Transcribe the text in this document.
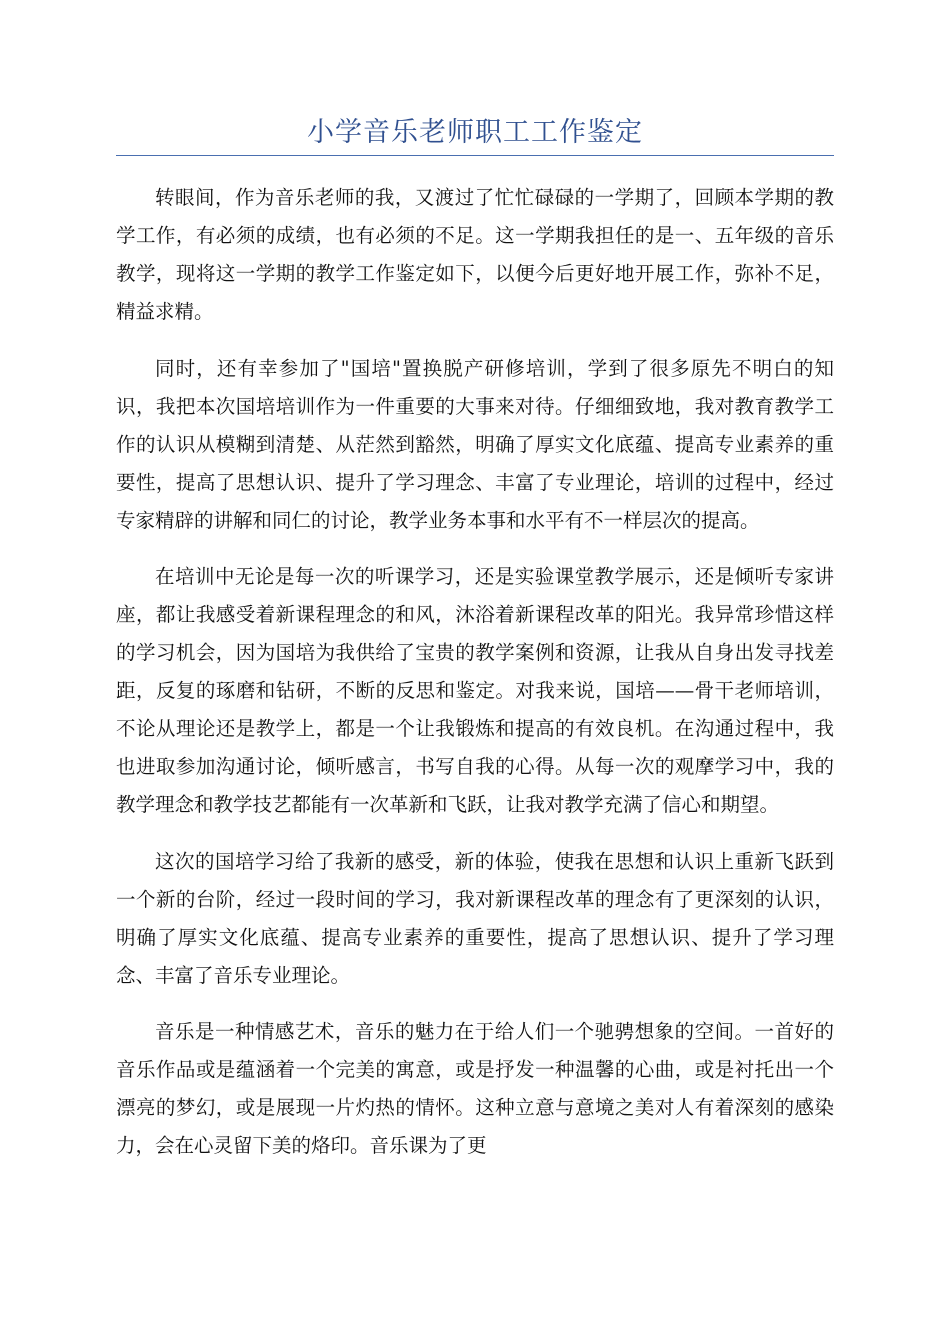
小学音乐老师职工工作鉴定

转眼间，作为音乐老师的我，又渡过了忙忙碌碌的一学期了，回顾本学期的教学工作，有必须的成绩，也有必须的不足。这一学期我担任的是一、五年级的音乐教学，现将这一学期的教学工作鉴定如下，以便今后更好地开展工作，弥补不足，精益求精。

同时，还有幸参加了"国培"置换脱产研修培训，学到了很多原先不明白的知识，我把本次国培培训作为一件重要的大事来对待。仔细细致地，我对教育教学工作的认识从模糊到清楚、从茫然到豁然，明确了厚实文化底蕴、提高专业素养的重要性，提高了思想认识、提升了学习理念、丰富了专业理论，培训的过程中，经过专家精辟的讲解和同仁的讨论，教学业务本事和水平有不一样层次的提高。

在培训中无论是每一次的听课学习，还是实验课堂教学展示，还是倾听专家讲座，都让我感受着新课程理念的和风，沐浴着新课程改革的阳光。我异常珍惜这样的学习机会，因为国培为我供给了宝贵的教学案例和资源，让我从自身出发寻找差距，反复的琢磨和钻研，不断的反思和鉴定。对我来说，国培——骨干老师培训，不论从理论还是教学上，都是一个让我锻炼和提高的有效良机。在沟通过程中，我也进取参加沟通讨论，倾听感言，书写自我的心得。从每一次的观摩学习中，我的教学理念和教学技艺都能有一次革新和飞跃，让我对教学充满了信心和期望。

这次的国培学习给了我新的感受，新的体验，使我在思想和认识上重新飞跃到一个新的台阶，经过一段时间的学习，我对新课程改革的理念有了更深刻的认识，明确了厚实文化底蕴、提高专业素养的重要性，提高了思想认识、提升了学习理念、丰富了音乐专业理论。

音乐是一种情感艺术，音乐的魅力在于给人们一个驰骋想象的空间。一首好的音乐作品或是蕴涵着一个完美的寓意，或是抒发一种温馨的心曲，或是衬托出一个漂亮的梦幻，或是展现一片灼热的情怀。这种立意与意境之美对人有着深刻的感染力，会在心灵留下美的烙印。音乐课为了更
